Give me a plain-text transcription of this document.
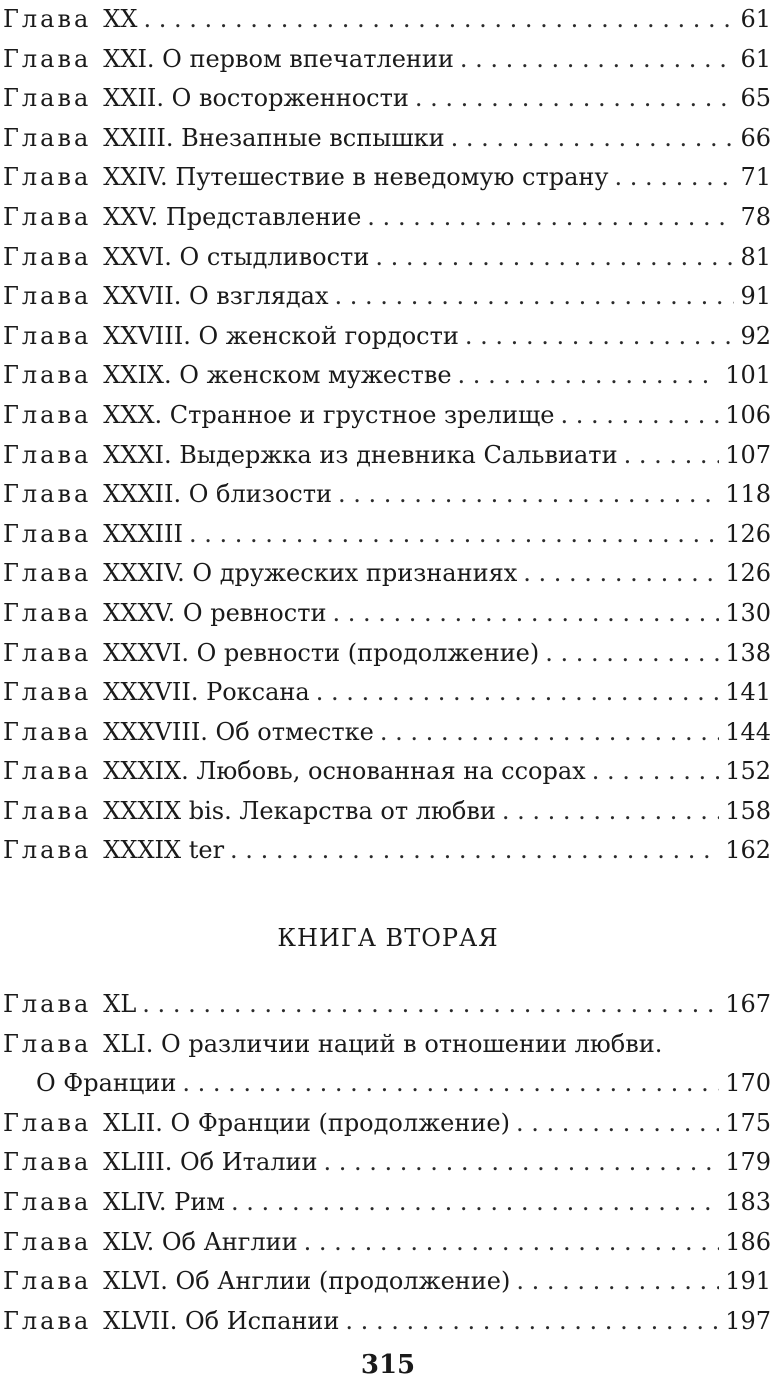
Глава XX . . .	61
Глава XXI. О первом впечатлении . . .	61
Глава XXII. О восторженности . . .	65
Глава XXIII. Внезапные вспышки . . .	66
Глава XXIV. Путешествие в неведомую страну . . .	71
Глава XXV. Представление . . .	78
Глава XXVI. О стыдливости . . .	81
Глава XXVII. О взглядах . . .	91
Глава XXVIII. О женской гордости . . .	92
Глава XXIX. О женском мужестве . . .	101
Глава XXX. Странное и грустное зрелище . . .	106
Глава XXXI. Выдержка из дневника Сальвиати . . .	107
Глава XXXII. О близости . . .	118
Глава XXXIII . . .	126
Глава XXXIV. О дружеских признаниях . . .	126
Глава XXXV. О ревности . . .	130
Глава XXXVI. О ревности (продолжение) . . .	138
Глава XXXVII. Роксана . . .	141
Глава XXXVIII. Об отместке . . .	144
Глава XXXIX. Любовь, основанная на ссорах . . .	152
Глава XXXIX bis. Лекарства от любви . . .	158
Глава XXXIX ter . . .	162
КНИГА ВТОРАЯ
Глава XL . . .	167
Глава XLI. О различии наций в отношении любви.
О Франции . . .	170
Глава XLII. О Франции (продолжение) . . .	175
Глава XLIII. Об Италии . . .	179
Глава XLIV. Рим . . .	183
Глава XLV. Об Англии . . .	186
Глава XLVI. Об Англии (продолжение) . . .	191
Глава XLVII. Об Испании . . .	197
315
